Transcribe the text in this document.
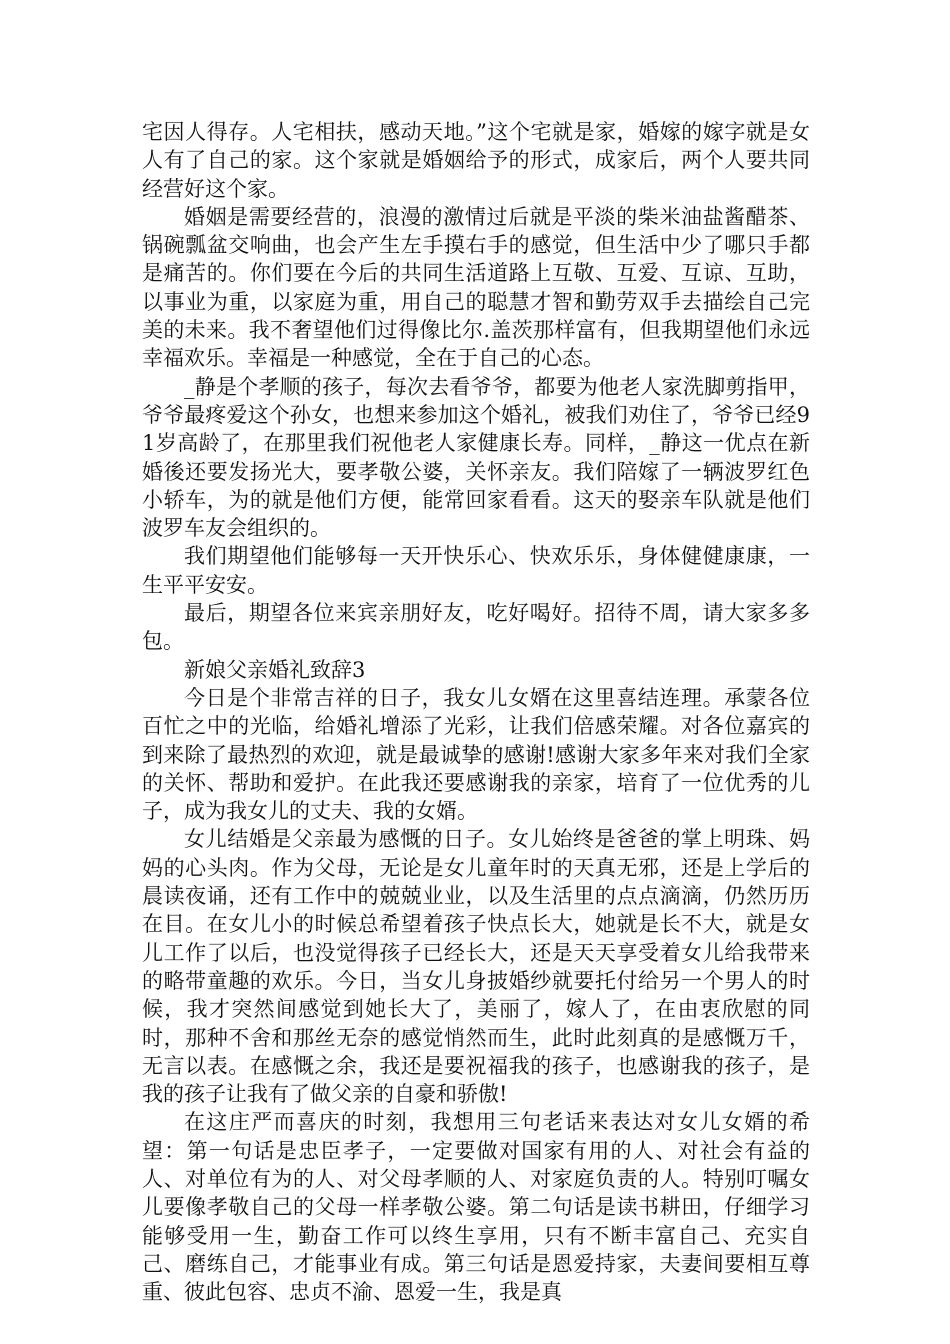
宅因人得存。人宅相扶，感动天地。”这个宅就是家，婚嫁的嫁字就是女人有了自己的家。这个家就是婚姻给予的形式，成家后，两个人要共同经营好这个家。

婚姻是需要经营的，浪漫的激情过后就是平淡的柴米油盐酱醋茶、锅碗瓢盆交响曲，也会产生左手摸右手的感觉，但生活中少了哪只手都是痛苦的。你们要在今后的共同生活道路上互敬、互爱、互谅、互助，以事业为重，以家庭为重，用自己的聪慧才智和勤劳双手去描绘自己完美的未来。我不奢望他们过得像比尔.盖茨那样富有，但我期望他们永远幸福欢乐。幸福是一种感觉，全在于自己的心态。

_静是个孝顺的孩子，每次去看爷爷，都要为他老人家洗脚剪指甲，爷爷最疼爱这个孙女，也想来参加这个婚礼，被我们劝住了，爷爷已经91岁高龄了，在那里我们祝他老人家健康长寿。同样，_静这一优点在新婚後还要发扬光大，要孝敬公婆，关怀亲友。我们陪嫁了一辆波罗红色小轿车，为的就是他们方便，能常回家看看。这天的娶亲车队就是他们波罗车友会组织的。

我们期望他们能够每一天开快乐心、快欢乐乐，身体健健康康，一生平平安安。

最后，期望各位来宾亲朋好友，吃好喝好。招待不周，请大家多多包。

新娘父亲婚礼致辞3

今日是个非常吉祥的日子，我女儿女婿在这里喜结连理。承蒙各位百忙之中的光临，给婚礼增添了光彩，让我们倍感荣耀。对各位嘉宾的到来除了最热烈的欢迎，就是最诚挚的感谢!感谢大家多年来对我们全家的关怀、帮助和爱护。在此我还要感谢我的亲家，培育了一位优秀的儿子，成为我女儿的丈夫、我的女婿。

女儿结婚是父亲最为感慨的日子。女儿始终是爸爸的掌上明珠、妈妈的心头肉。作为父母，无论是女儿童年时的天真无邪，还是上学后的晨读夜诵，还有工作中的兢兢业业，以及生活里的点点滴滴，仍然历历在目。在女儿小的时候总希望着孩子快点长大，她就是长不大，就是女儿工作了以后，也没觉得孩子已经长大，还是天天享受着女儿给我带来的略带童趣的欢乐。今日，当女儿身披婚纱就要托付给另一个男人的时候，我才突然间感觉到她长大了，美丽了，嫁人了，在由衷欣慰的同时，那种不舍和那丝无奈的感觉悄然而生，此时此刻真的是感慨万千，无言以表。在感慨之余，我还是要祝福我的孩子，也感谢我的孩子，是我的孩子让我有了做父亲的自豪和骄傲!

在这庄严而喜庆的时刻，我想用三句老话来表达对女儿女婿的希望：第一句话是忠臣孝子，一定要做对国家有用的人、对社会有益的人、对单位有为的人、对父母孝顺的人、对家庭负责的人。特别叮嘱女儿要像孝敬自己的父母一样孝敬公婆。第二句话是读书耕田，仔细学习能够受用一生，勤奋工作可以终生享用，只有不断丰富自己、充实自己、磨练自己，才能事业有成。第三句话是恩爱持家，夫妻间要相互尊重、彼此包容、忠贞不渝、恩爱一生，我是真
